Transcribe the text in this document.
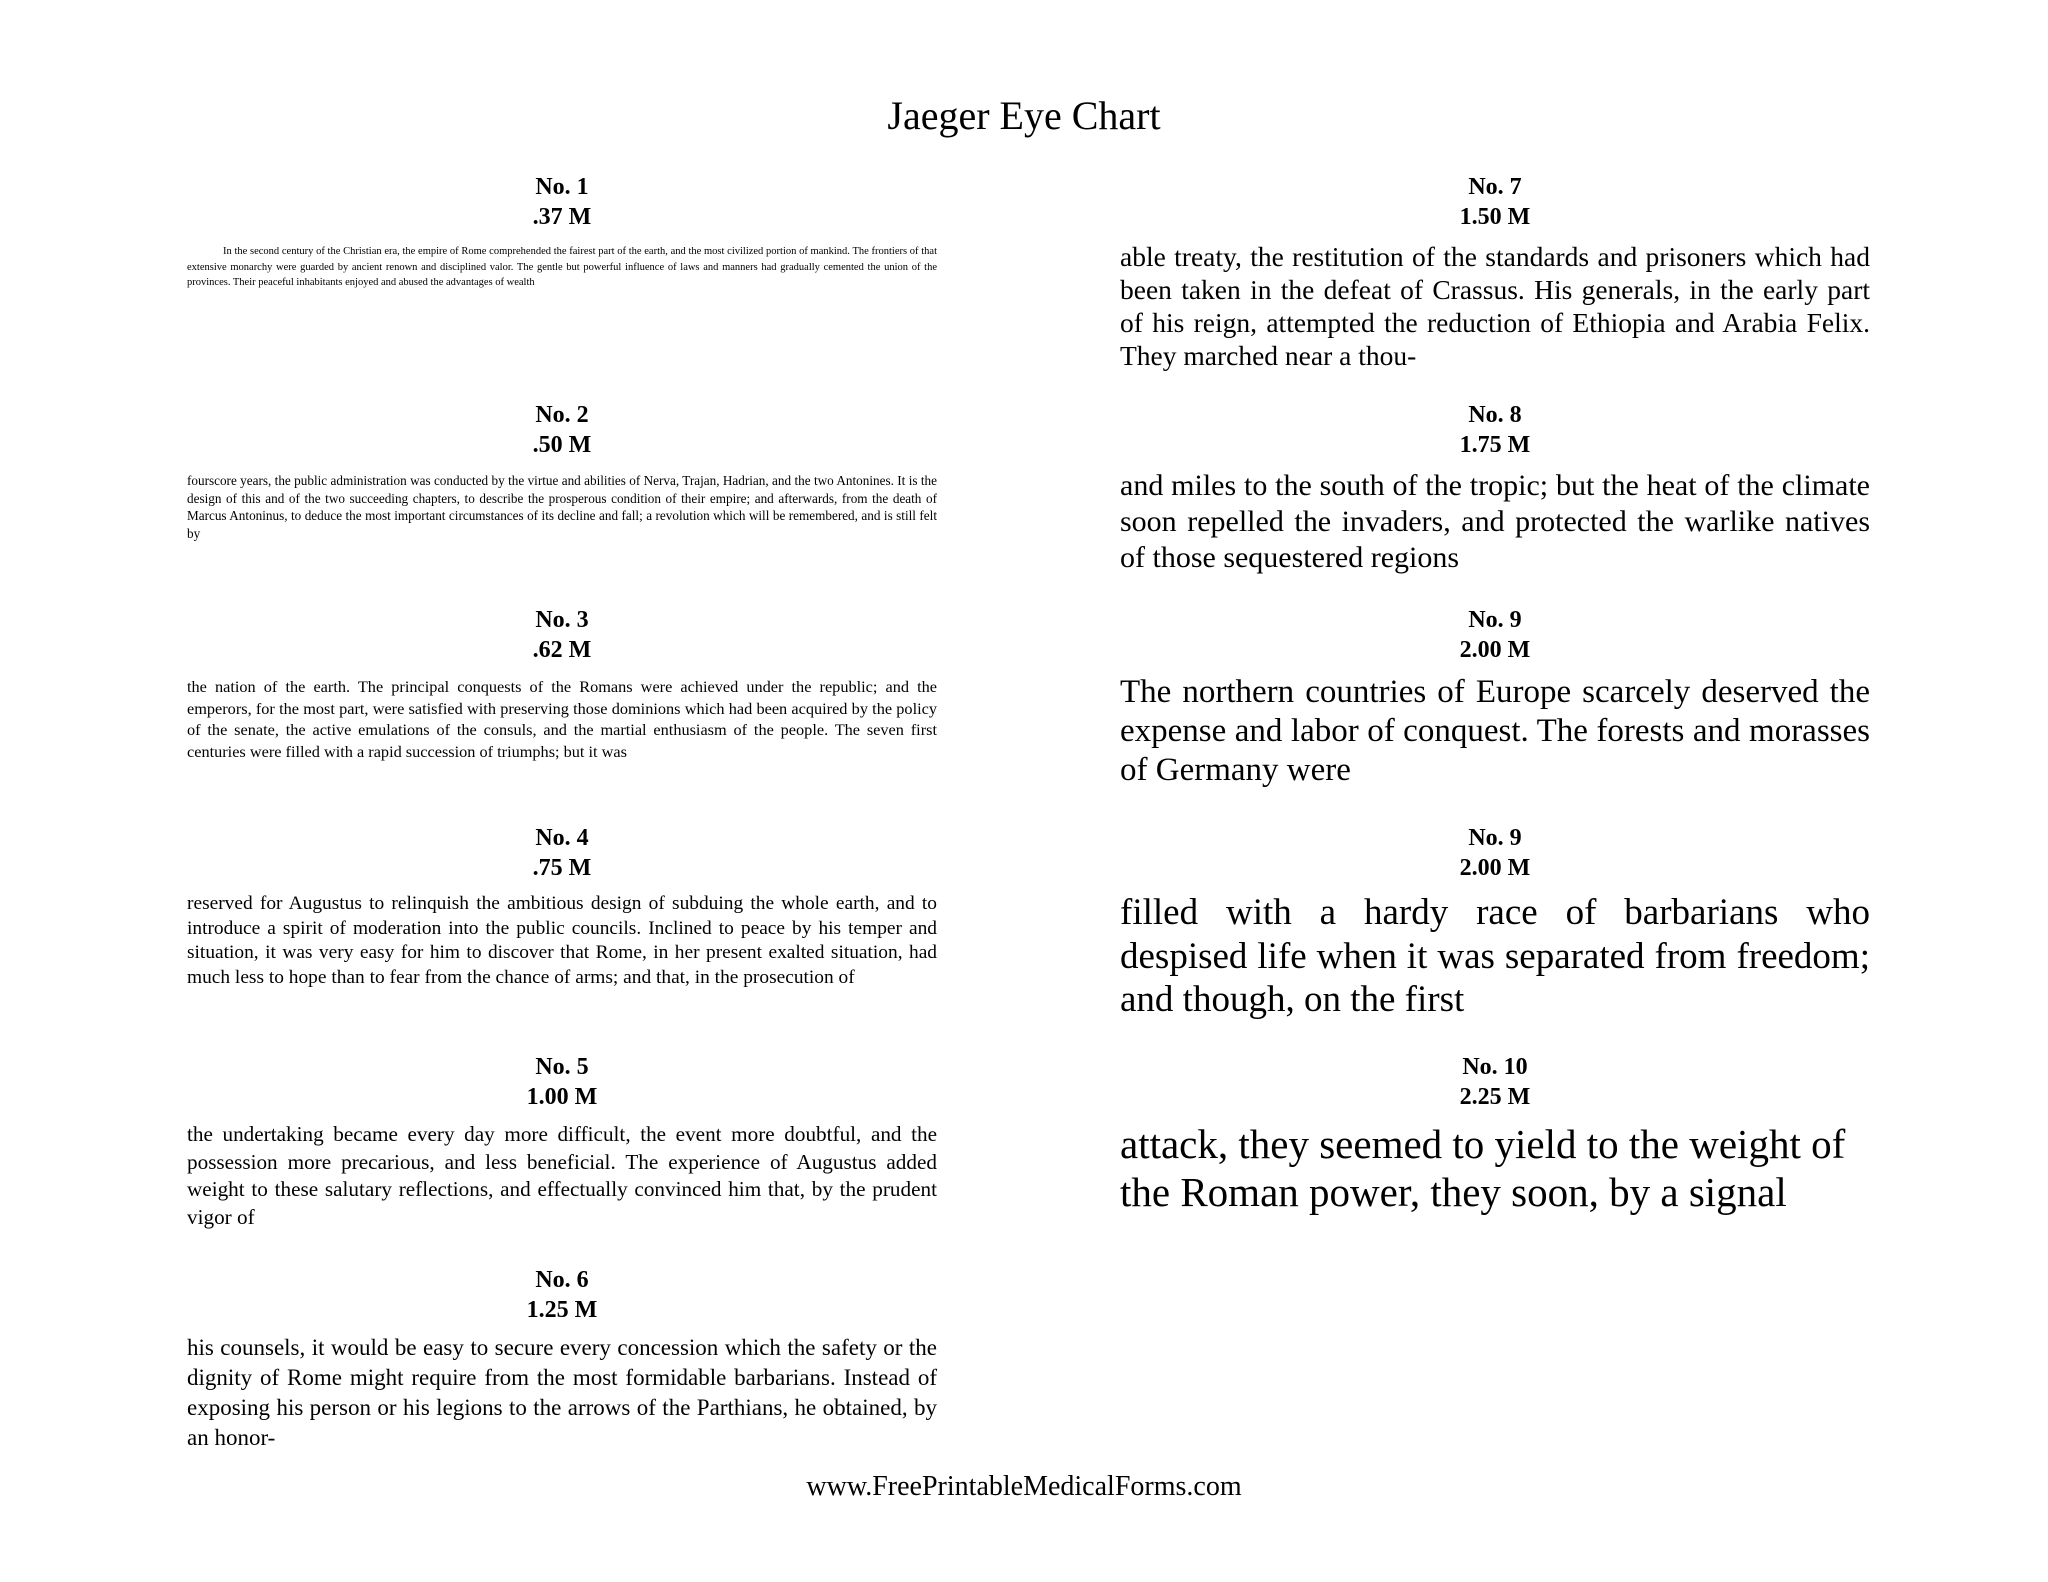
Jaeger Eye Chart
No. 1
.37 M

In the second century of the Christian era, the empire of Rome comprehended the fairest part of the earth, and the most civilized portion of mankind. The frontiers of that extensive monarchy were guarded by ancient renown and disciplined valor. The gentle but powerful influence of laws and manners had gradually cemented the union of the provinces. Their peaceful inhabitants enjoyed and abused the advantages of wealth

No. 2
.50 M

fourscore years, the public administration was conducted by the virtue and abilities of Nerva, Trajan, Hadrian, and the two Antonines. It is the design of this and of the two succeeding chapters, to describe the prosperous condition of their empire; and afterwards, from the death of Marcus Antoninus, to deduce the most important circumstances of its decline and fall; a revolution which will be remembered, and is still felt by

No. 3
.62 M

the nation of the earth. The principal conquests of the Romans were achieved under the republic; and the emperors, for the most part, were satisfied with preserving those dominions which had been acquired by the policy of the senate, the active emulations of the consuls, and the martial enthusiasm of the people. The seven first centuries were filled with a rapid succession of triumphs; but it was

No. 4
.75 M

reserved for Augustus to relinquish the ambitious design of subduing the whole earth, and to introduce a spirit of moderation into the public councils. Inclined to peace by his temper and situation, it was very easy for him to discover that Rome, in her present exalted situation, had much less to hope than to fear from the chance of arms; and that, in the prosecution of

No. 5
1.00 M

the undertaking became every day more difficult, the event more doubtful, and the possession more precarious, and less beneficial. The experience of Augustus added weight to these salutary reflections, and effectually convinced him that, by the prudent vigor of

No. 6
1.25 M

his counsels, it would be easy to secure every concession which the safety or the dignity of Rome might require from the most formidable barbarians. Instead of exposing his person or his legions to the arrows of the Parthians, he obtained, by an honor-

No. 7
1.50 M

able treaty, the restitution of the standards and prisoners which had been taken in the defeat of Crassus. His generals, in the early part of his reign, attempted the reduction of Ethiopia and Arabia Felix. They marched near a thou-

No. 8
1.75 M

and miles to the south of the tropic; but the heat of the climate soon repelled the invaders, and protected the warlike natives of those sequestered regions

No. 9
2.00 M

The northern countries of Europe scarcely deserved the expense and labor of conquest. The forests and morasses of Germany were

No. 9
2.00 M

filled with a hardy race of barbarians who despised life when it was separated from freedom; and though, on the first

No. 10
2.25 M

attack, they seemed to yield to the weight of the Roman power, they soon, by a signal

www.FreePrintableMedicalForms.com
